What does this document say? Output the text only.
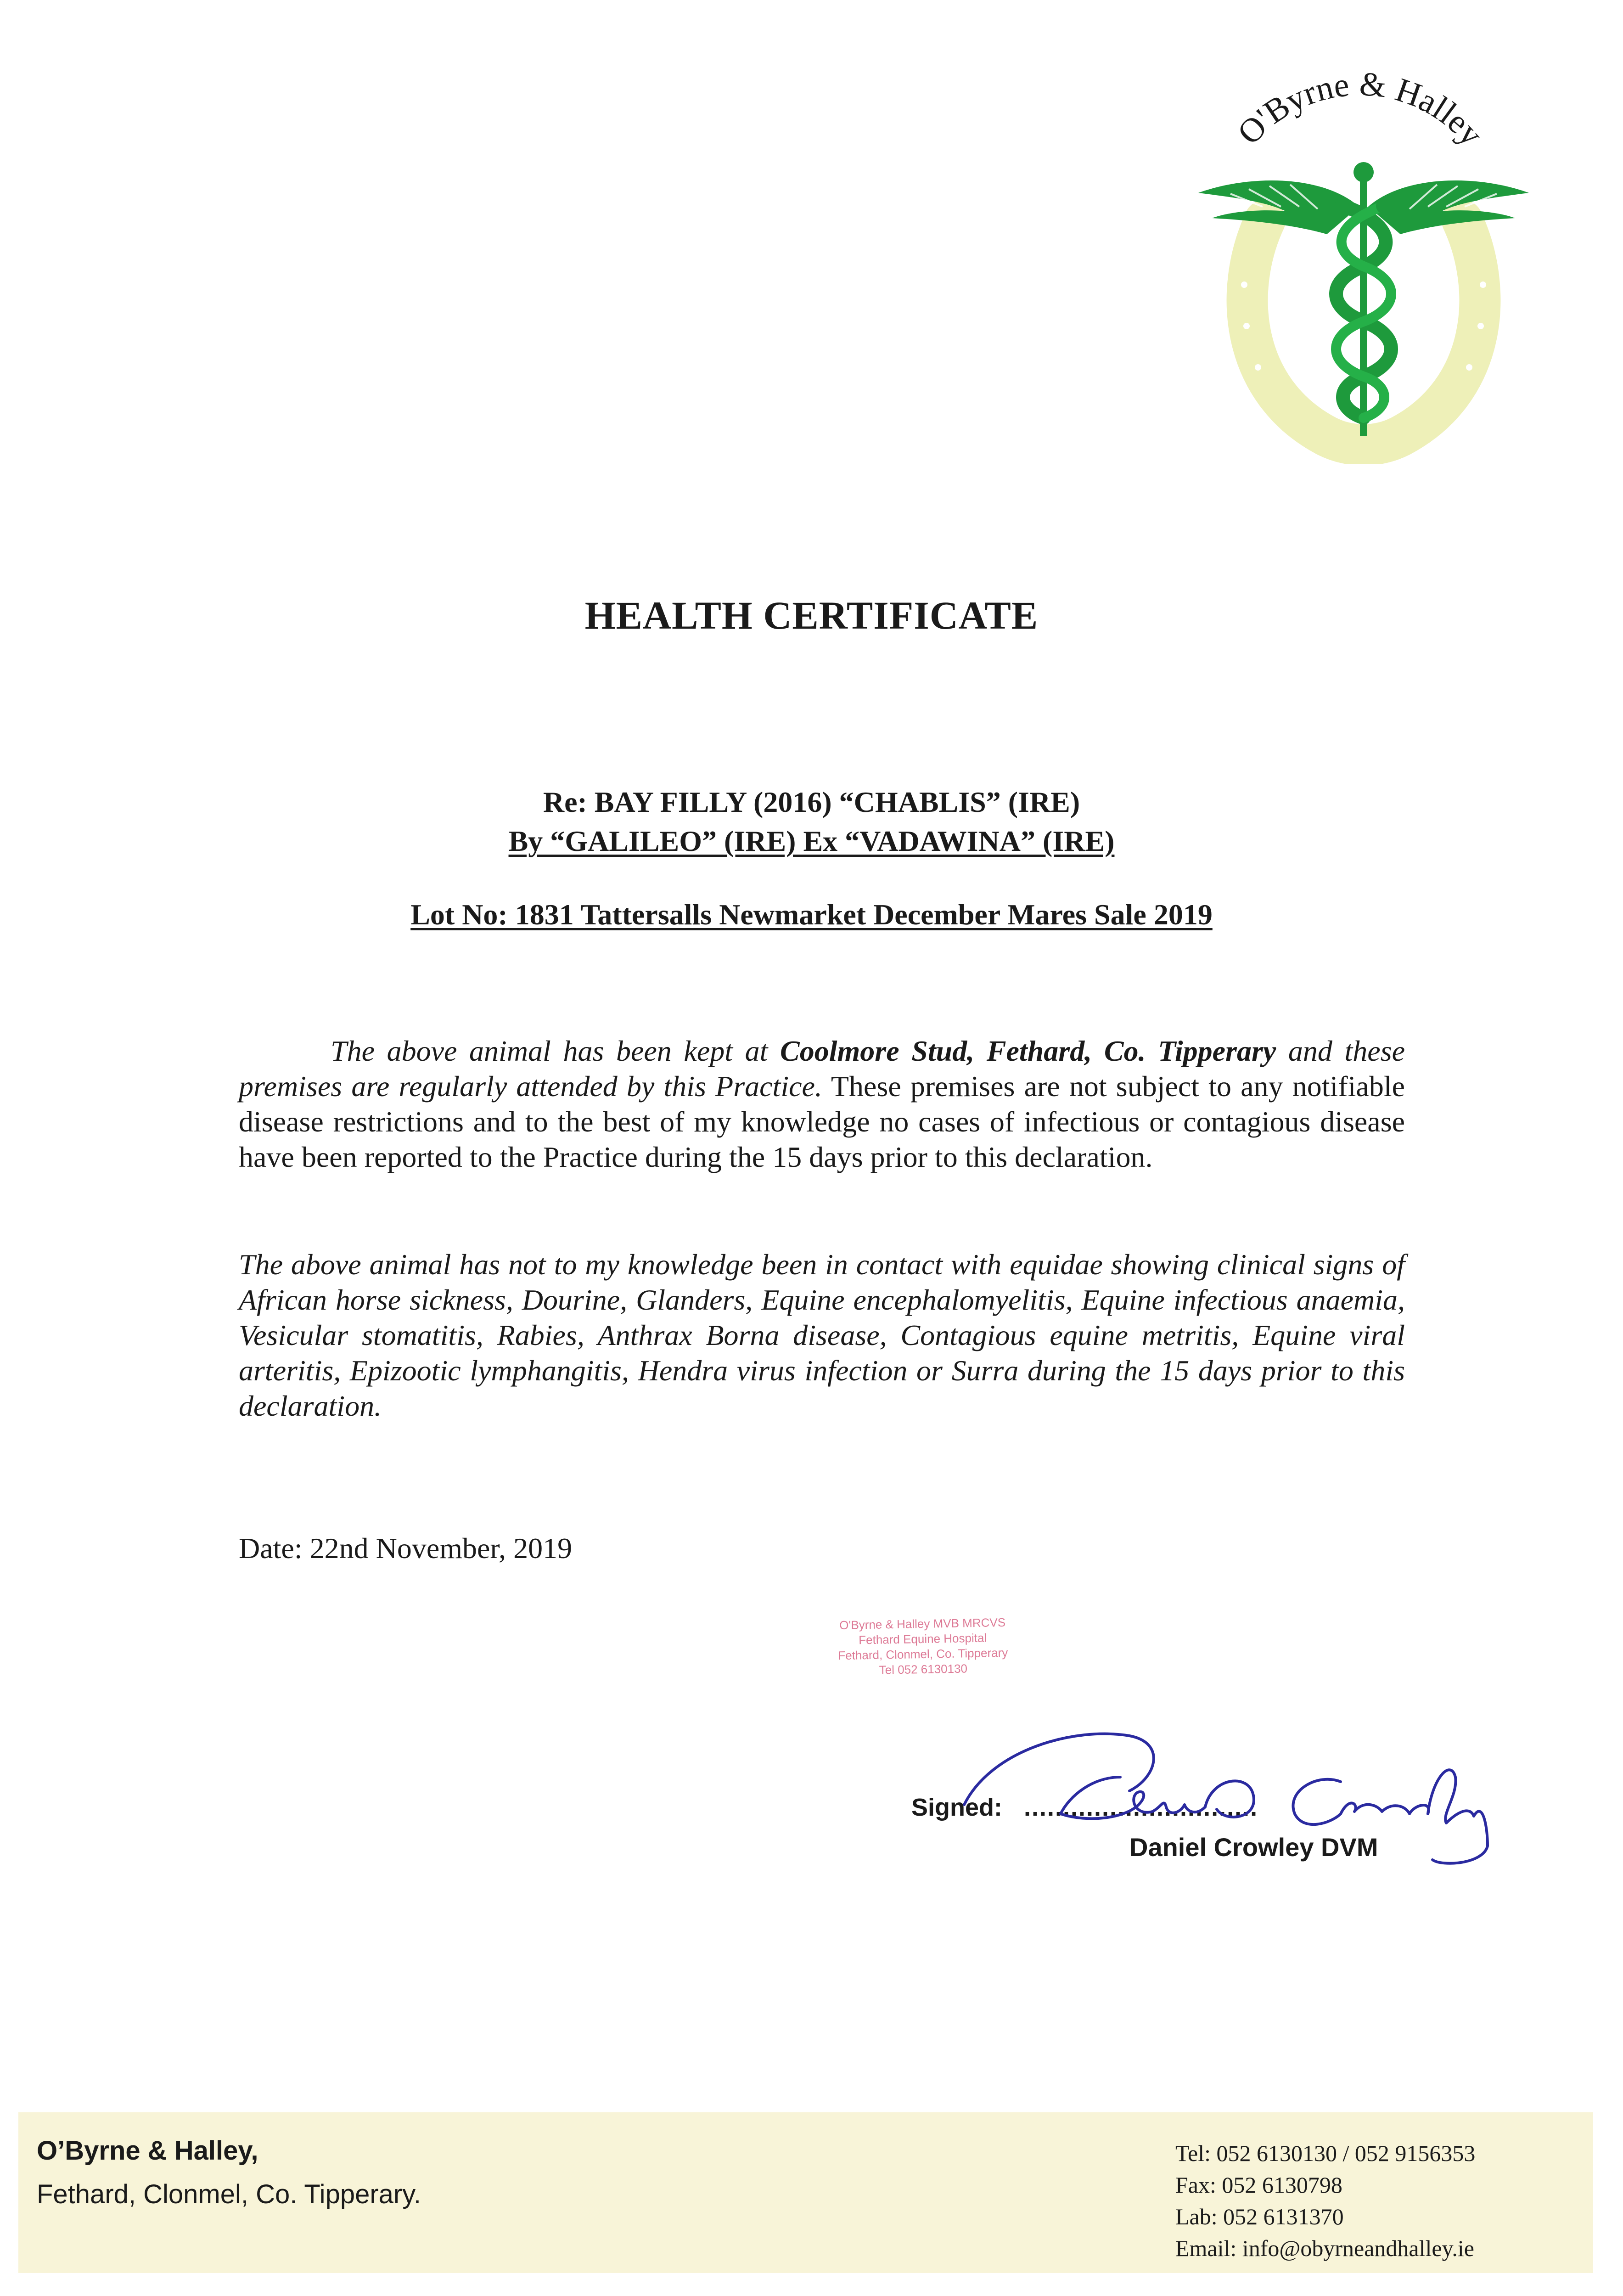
O'Byrne & Halley
HEALTH CERTIFICATE
Re: BAY FILLY (2016) “CHABLIS” (IRE)
By “GALILEO” (IRE) Ex “VADAWINA” (IRE)
Lot No: 1831 Tattersalls Newmarket December Mares Sale 2019
The above animal has been kept at Coolmore Stud, Fethard, Co. Tipperary and these premises are regularly attended by this Practice. These premises are not subject to any notifiable disease restrictions and to the best of my knowledge no cases of infectious or contagious disease have been reported to the Practice during the 15 days prior to this declaration.
The above animal has not to my knowledge been in contact with equidae showing clinical signs of African horse sickness, Dourine, Glanders, Equine encephalomyelitis, Equine infectious anaemia, Vesicular stomatitis, Rabies, Anthrax Borna disease, Contagious equine metritis, Equine viral arteritis, Epizootic lymphangitis, Hendra virus infection or Surra during the 15 days prior to this declaration.
Date: 22nd November, 2019
O'Byrne & Halley MVB MRCVS
Fethard Equine Hospital
Fethard, Clonmel, Co. Tipperary
Tel 052 6130130
Signed: ..............................
Daniel Crowley DVM
O’Byrne & Halley,
Fethard, Clonmel, Co. Tipperary.
Tel: 052 6130130 / 052 9156353
Fax: 052 6130798
Lab: 052 6131370
Email: info@obyrneandhalley.ie
